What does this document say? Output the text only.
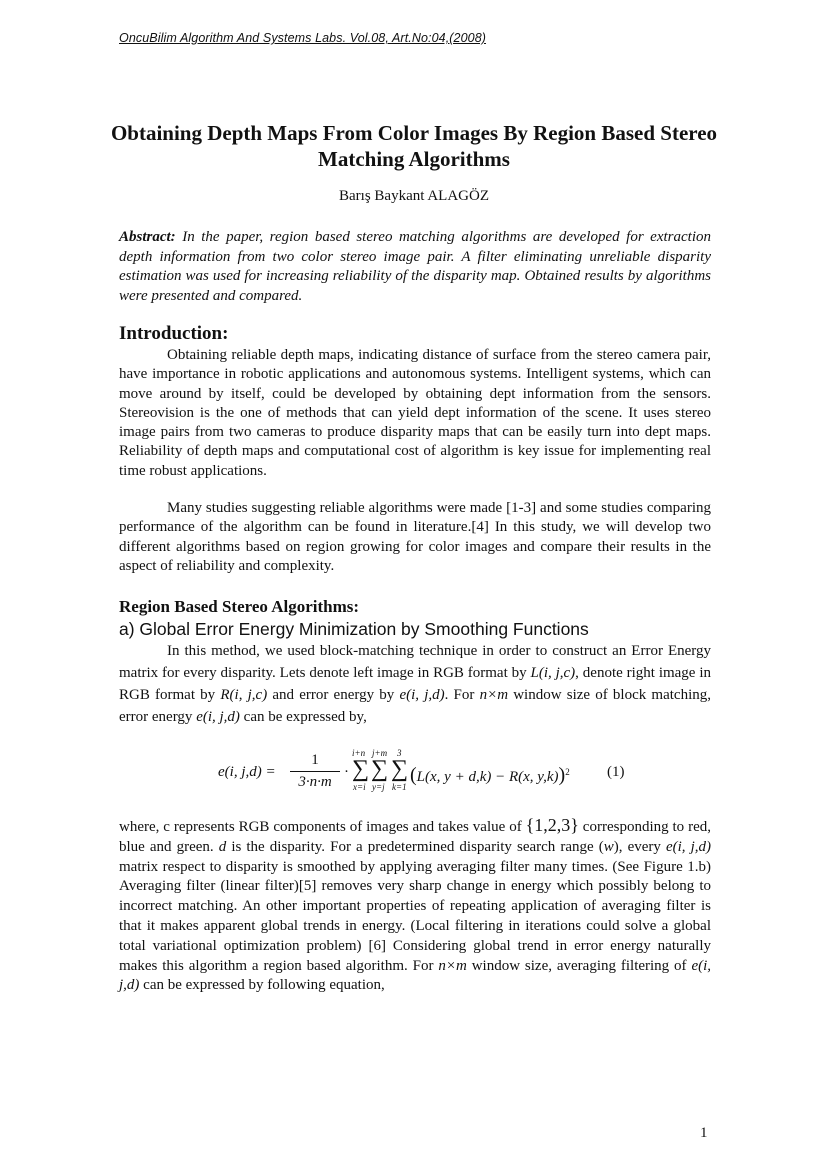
OncuBilim Algorithm And Systems Labs. Vol.08, Art.No:04,(2008)
Obtaining Depth Maps From Color Images By Region Based Stereo Matching Algorithms
Barış Baykant ALAGÖZ
Abstract: In the paper, region based stereo matching algorithms are developed for extraction depth information from two color stereo image pair. A filter eliminating unreliable disparity estimation was used for increasing reliability of the disparity map. Obtained results by algorithms were presented and compared.
Introduction:

Obtaining reliable depth maps, indicating distance of surface from the stereo camera pair, have importance in robotic applications and autonomous systems. Intelligent systems, which can move around by itself, could be developed by obtaining dept information from the sensors. Stereovision is the one of methods that can yield dept information of the scene. It uses stereo image pairs from two cameras to produce disparity maps that can be easily turn into dept maps. Reliability of depth maps and computational cost of algorithm is key issue for implementing real time robust applications.

Many studies suggesting reliable algorithms were made [1-3] and some studies comparing performance of the algorithm can be found in literature.[4] In this study, we will develop two different algorithms based on region growing for color images and compare their results in the aspect of reliability and complexity.

Region Based Stereo Algorithms:
a) Global Error Energy Minimization by Smoothing Functions

In this method, we used block-matching technique in order to construct an Error Energy matrix for every disparity. Lets denote left image in RGB format by L(i, j,c), denote right image in RGB format by R(i, j,c) and error energy by e(i, j,d). For n×m window size of block matching, error energy e(i, j,d) can be expressed by,

e(i, j,d) =
1
3·n·m
·
i+n
∑
x=i
j+m
∑
y=j
3
∑
k=1
(L(x, y + d,k) − R(x, y,k))$^2$ (1)

where, c represents RGB components of images and takes value of {1,2,3} corresponding to red, blue and green. d is the disparity. For a predetermined disparity search range (w), every e(i, j,d) matrix respect to disparity is smoothed by applying averaging filter many times. (See Figure 1.b) Averaging filter (linear filter)[5] removes very sharp change in energy which possibly belong to incorrect matching. An other important properties of repeating application of averaging filter is that it makes apparent global trends in energy. (Local filtering in iterations could solve a global total variational optimization problem) [6] Considering global trend in error energy naturally makes this algorithm a region based algorithm. For n×m window size, averaging filtering of e(i, j,d) can be expressed by following equation,

1
